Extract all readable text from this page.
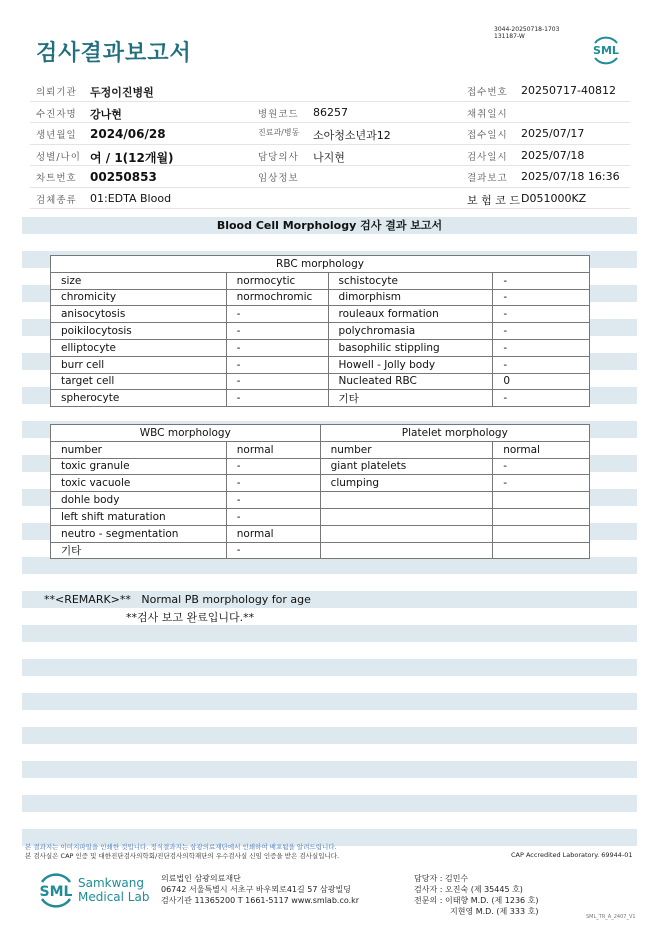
검사결과보고서
3044-20250718-1703
131187-W
SML
의뢰기관 두정이진병원	접수번호 20250717-40812
수진자명 강나현	병원코드 86257	채취일시
생년월일 2024/06/28	진료과/병동 소아청소년과12	접수일시 2025/07/17
성별/나이 여 / 1(12개월)	담당의사 나지현	검사일시 2025/07/18
차트번호 00250853	임상정보	결과보고 2025/07/18 16:36
검체종류 01:EDTA Blood	보 험 코 드 D051000KZ
Blood Cell Morphology 검사 결과 보고서
RBC morphology			
size	normocytic	schistocyte	-
chromicity	normochromic	dimorphism	-
anisocytosis	-	rouleaux formation	-
poikilocytosis	-	polychromasia	-
elliptocyte	-	basophilic stippling	-
burr cell	-	Howell - Jolly body	-
target cell	-	Nucleated RBC	0
spherocyte	-	기타	-
WBC morphology		Platelet morphology	
number	normal	number	normal
toxic granule	-	giant platelets	-
toxic vacuole	-	clumping	-
dohle body	-		
left shift maturation	-		
neutro - segmentation	normal		
기타	-		
**<REMARK>** Normal PB morphology for age
**검사 보고 완료입니다.**
본 결과지는 이미지파일을 인쇄한 것입니다. 정식결과지는 삼광의료재단에서 인쇄하여 배포됨을 알려드립니다.
본 검사실은 CAP 인증 및 대한진단검사의학회/진단검사의학재단의 우수검사실 신임 인증을 받은 검사실입니다.	CAP Accredited Laboratory. 69944-01
SML
Samkwang
Medical Lab
의료법인 삼광의료재단
06742 서울특별시 서초구 바우뫼로41길 57 삼광빌딩
검사기관 11365200 T 1661-5117 www.smlab.co.kr
담당자 : 김민수
검사자 : 오진숙 (제 35445 호)
전문의 : 이태향 M.D. (제 1236 호)
지현영 M.D. (제 333 호)
SML_TR_A_2407_V1
